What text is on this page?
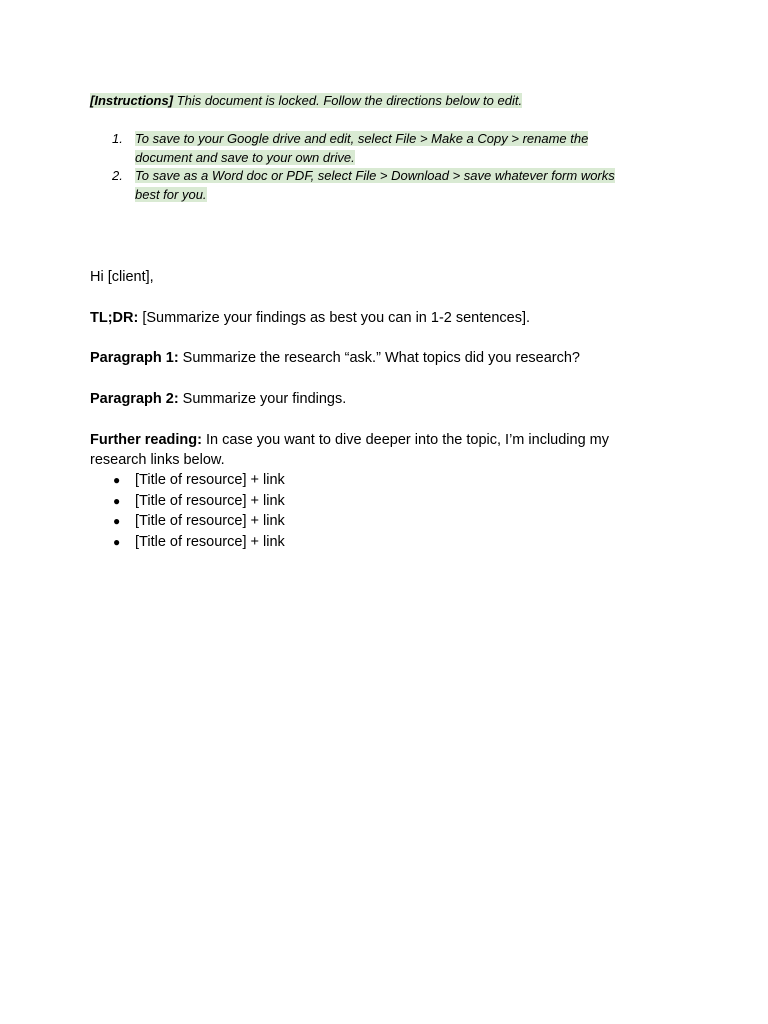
[Instructions] This document is locked. Follow the directions below to edit.

1. To save to your Google drive and edit, select File > Make a Copy > rename the
document and save to your own drive.
2. To save as a Word doc or PDF, select File > Download > save whatever form works
best for you.

Hi [client],

TL;DR: [Summarize your findings as best you can in 1-2 sentences].

Paragraph 1: Summarize the research “ask.” What topics did you research?

Paragraph 2: Summarize your findings.

Further reading: In case you want to dive deeper into the topic, I’m including my research links below.

● [Title of resource] + link
● [Title of resource] + link
● [Title of resource] + link
● [Title of resource] + link
